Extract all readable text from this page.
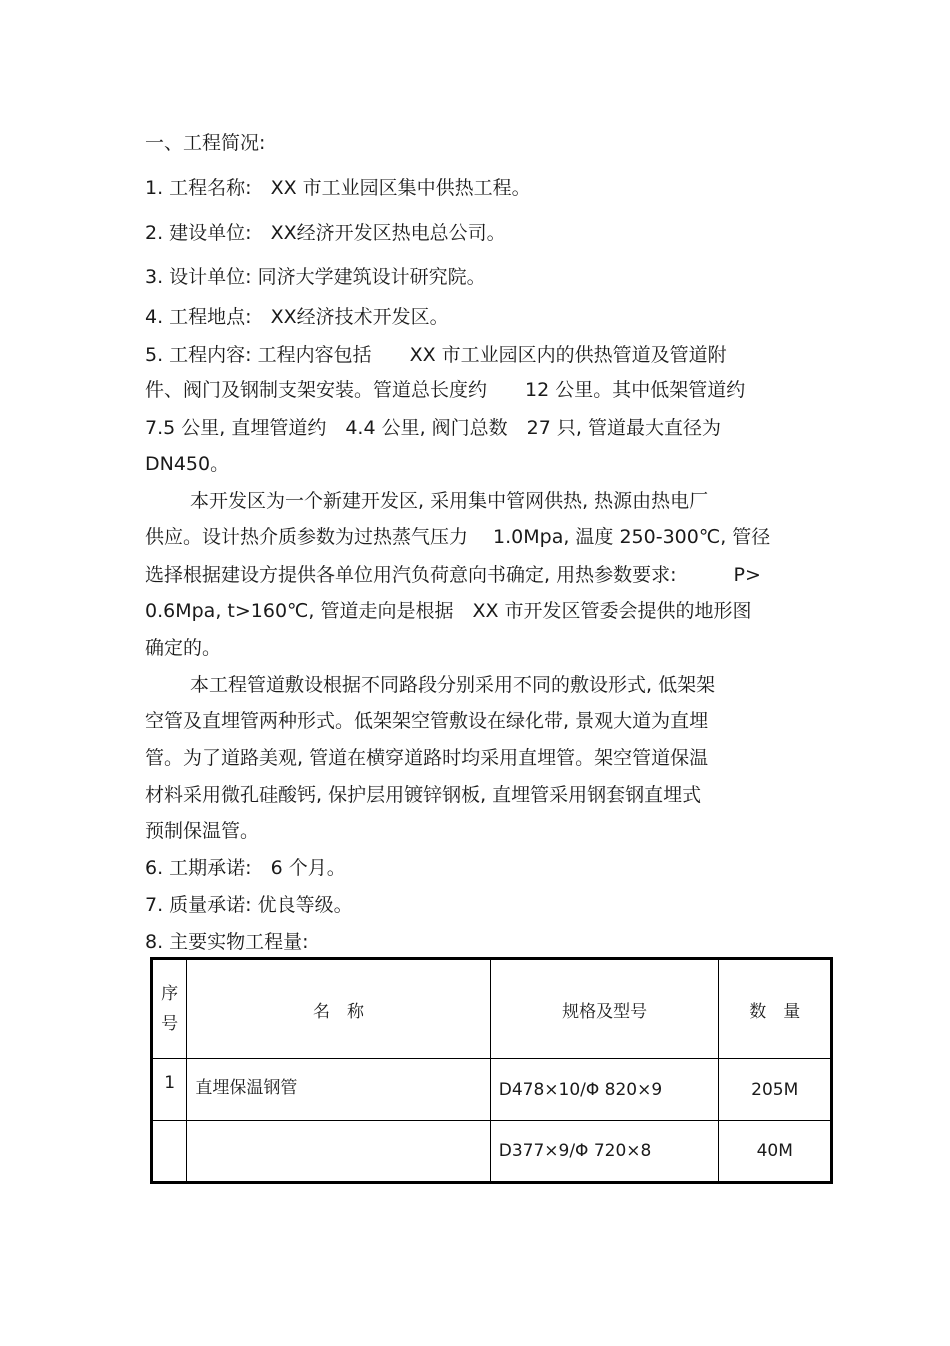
一、工程简况:
1. 工程名称:　XX 市工业园区集中供热工程。
2. 建设单位:　XX经济开发区热电总公司。
3. 设计单位: 同济大学建筑设计研究院。
4. 工程地点:　XX经济技术开发区。
5. 工程内容: 工程内容包括　　XX 市工业园区内的供热管道及管道附
件、阀门及钢制支架安装。管道总长度约　　12 公里。其中低架管道约
7.5 公里, 直埋管道约　4.4 公里, 阀门总数　27 只, 管道最大直径为
DN450。
本开发区为一个新建开发区, 采用集中管网供热, 热源由热电厂
供应。设计热介质参数为过热蒸气压力　 1.0Mpa, 温度 250-300℃, 管径
选择根据建设方提供各单位用汽负荷意向书确定, 用热参数要求:　　　P>
0.6Mpa, t>160℃, 管道走向是根据　XX 市开发区管委会提供的地形图
确定的。
本工程管道敷设根据不同路段分别采用不同的敷设形式, 低架架
空管及直埋管两种形式。低架架空管敷设在绿化带, 景观大道为直埋
管。为了道路美观, 管道在横穿道路时均采用直埋管。架空管道保温
材料采用微孔硅酸钙, 保护层用镀锌钢板, 直埋管采用钢套钢直埋式
预制保温管。
6. 工期承诺:　6 个月。
7. 质量承诺: 优良等级。
8. 主要实物工程量:
序
号	名　称	规格及型号	数　量
1	直埋保温钢管	D478×10/Φ 820×9	205M
		D377×9/Φ 720×8	40M
